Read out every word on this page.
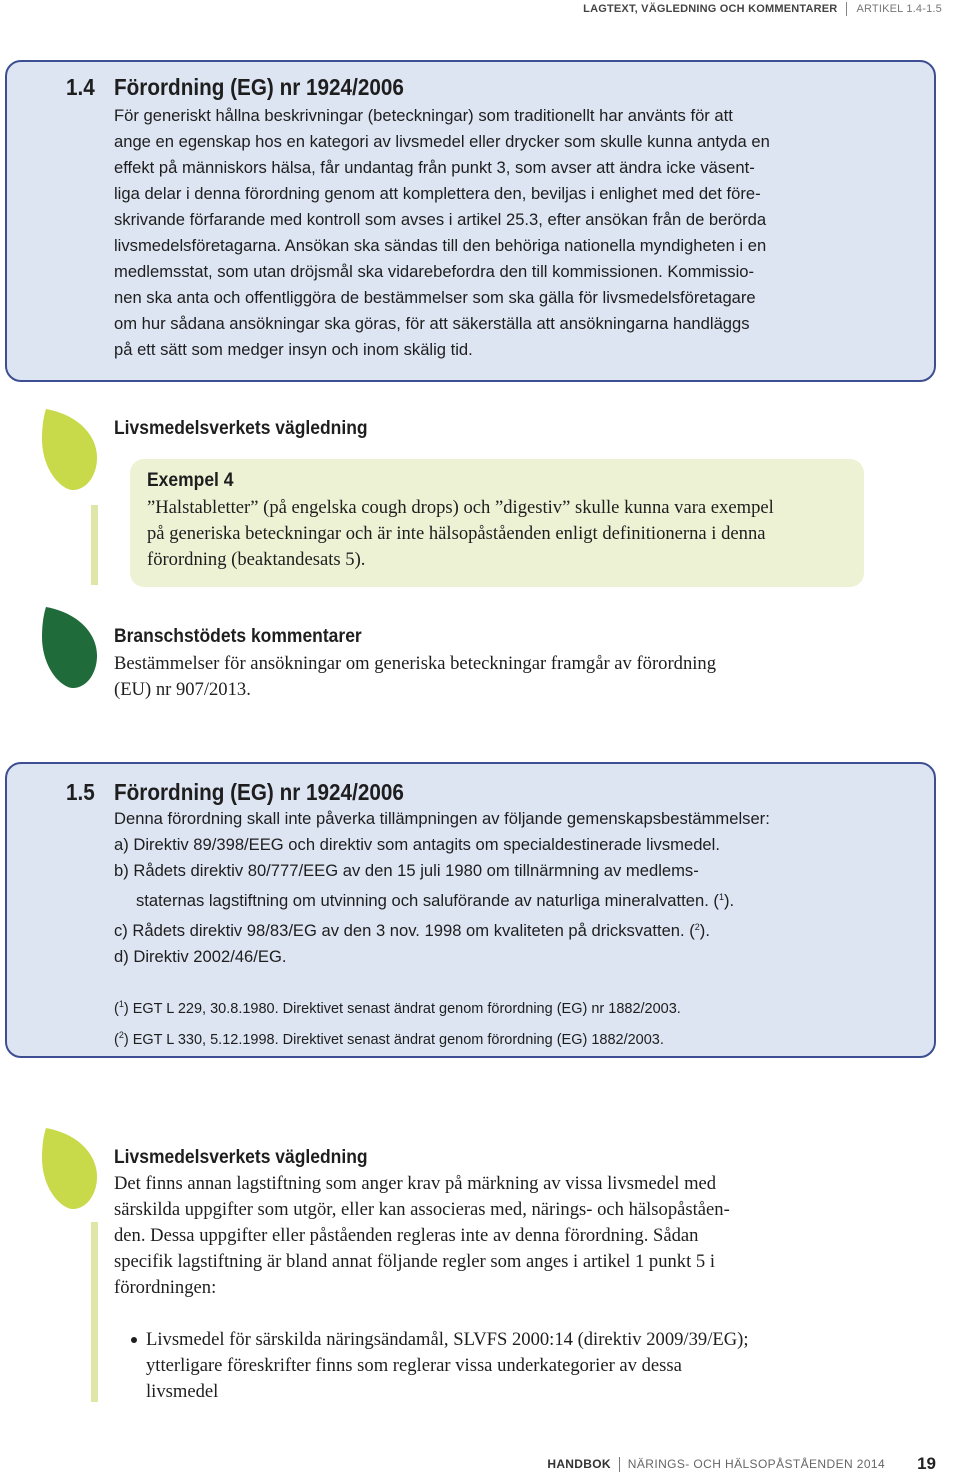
LAGTEXT, VÄGLEDNING OCH KOMMENTARER ARTIKEL 1.4-1.5
1.4 Förordning (EG) nr 1924/2006
För generiskt hållna beskrivningar (beteckningar) som traditionellt har använts för att
ange en egenskap hos en kategori av livsmedel eller drycker som skulle kunna antyda en
effekt på människors hälsa, får undantag från punkt 3, som avser att ändra icke väsent-
liga delar i denna förordning genom att komplettera den, beviljas i enlighet med det före-
skrivande förfarande med kontroll som avses i artikel 25.3, efter ansökan från de berörda
livsmedelsföretagarna. Ansökan ska sändas till den behöriga nationella myndigheten i en
medlemsstat, som utan dröjsmål ska vidarebefordra den till kommissionen. Kommissio-
nen ska anta och offentliggöra de bestämmelser som ska gälla för livsmedelsföretagare
om hur sådana ansökningar ska göras, för att säkerställa att ansökningarna handläggs
på ett sätt som medger insyn och inom skälig tid.
Livsmedelsverkets vägledning
Exempel 4
”Halstabletter” (på engelska cough drops) och ”digestiv” skulle kunna vara exempel
på generiska beteckningar och är inte hälsopåståenden enligt definitionerna i denna
förordning (beaktandesats 5).
Branschstödets kommentarer
Bestämmelser för ansökningar om generiska beteckningar framgår av förordning
(EU) nr 907/2013.
1.5 Förordning (EG) nr 1924/2006
Denna förordning skall inte påverka tillämpningen av följande gemenskapsbestämmelser:
a) Direktiv 89/398/EEG och direktiv som antagits om specialdestinerade livsmedel.
b) Rådets direktiv 80/777/EEG av den 15 juli 1980 om tillnärmning av medlems-
staternas lagstiftning om utvinning och saluförande av naturliga mineralvatten. ($^1$).
c) Rådets direktiv 98/83/EG av den 3 nov. 1998 om kvaliteten på dricksvatten. ($^2$).
d) Direktiv 2002/46/EG.
($^1$) EGT L 229, 30.8.1980. Direktivet senast ändrat genom förordning (EG) nr 1882/2003.
($^2$) EGT L 330, 5.12.1998. Direktivet senast ändrat genom förordning (EG) 1882/2003.
Livsmedelsverkets vägledning
Det finns annan lagstiftning som anger krav på märkning av vissa livsmedel med
särskilda uppgifter som utgör, eller kan associeras med, närings- och hälsopåståen-
den. Dessa uppgifter eller påståenden regleras inte av denna förordning. Sådan
specifik lagstiftning är bland annat följande regler som anges i artikel 1 punkt 5 i
förordningen:
Livsmedel för särskilda näringsändamål, SLVFS 2000:14 (direktiv 2009/39/EG);
ytterligare föreskrifter finns som reglerar vissa underkategorier av dessa
livsmedel
HANDBOK NÄRINGS- OCH HÄLSOPÅSTÅENDEN 2014 19
